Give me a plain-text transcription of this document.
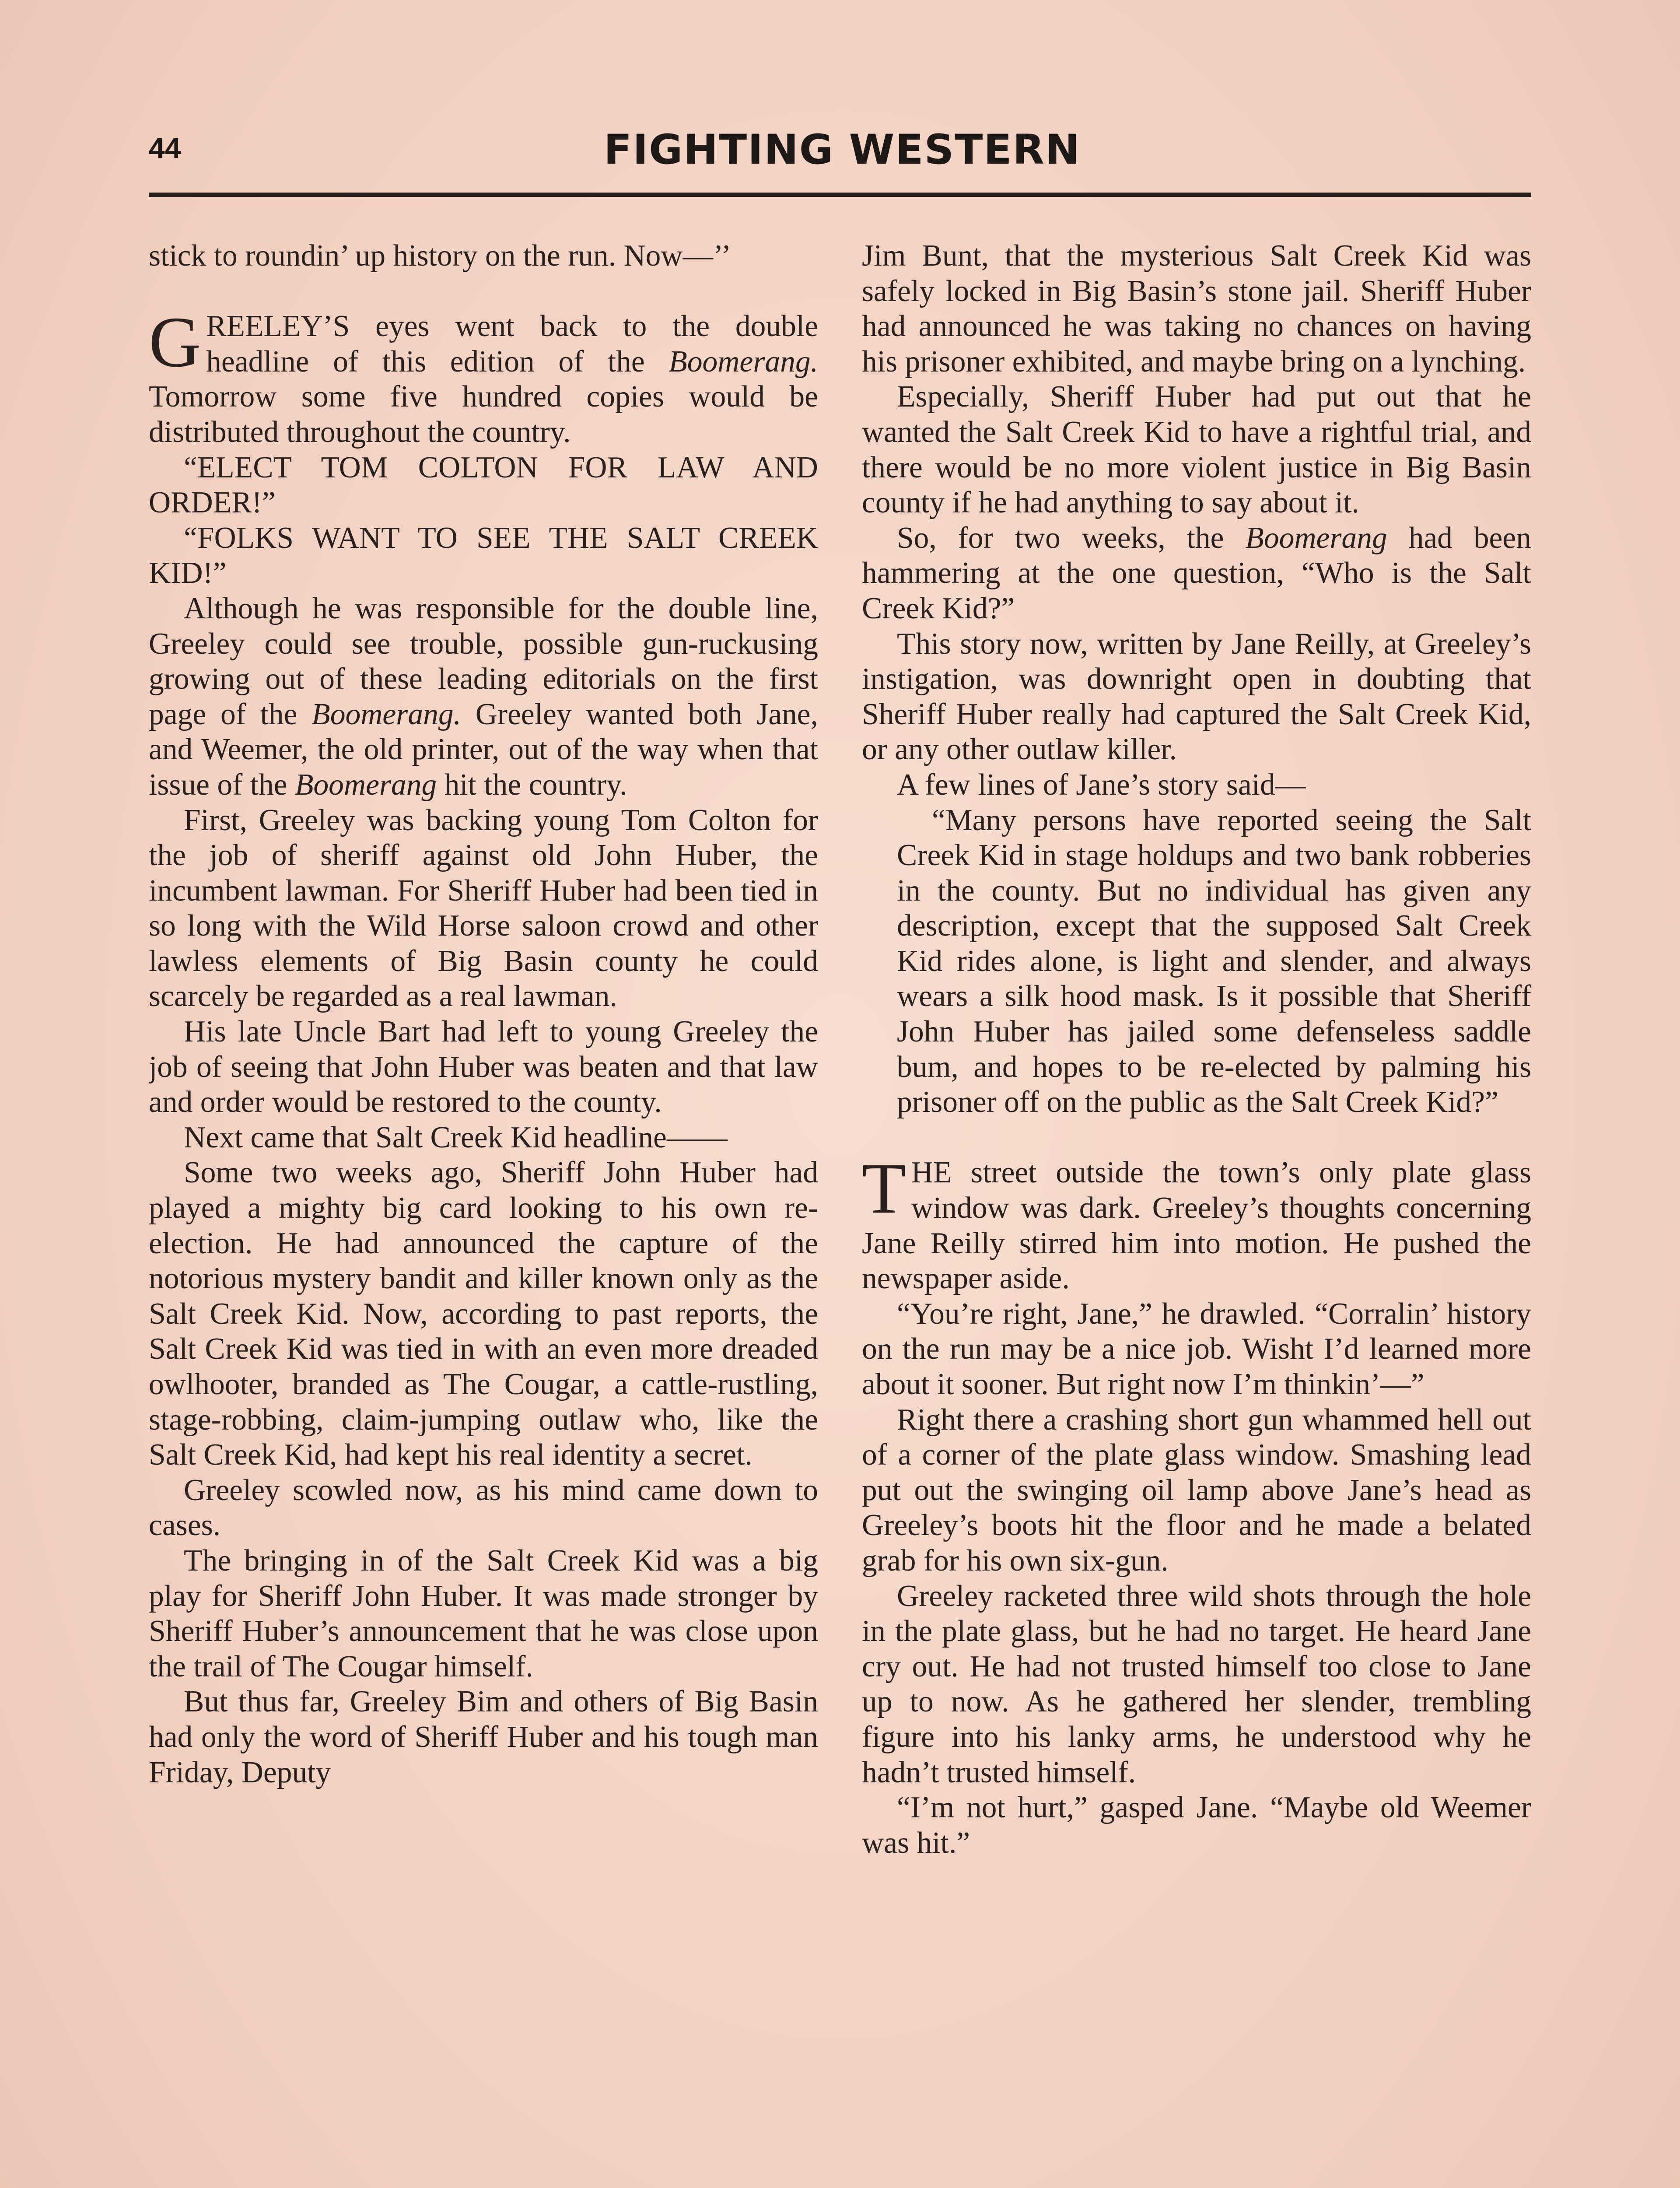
44	FIGHTING WESTERN

stick to roundin’ up history on the run. Now—’’

GREELEY’S eyes went back to the double headline of this edition of the Boomerang. Tomorrow some five hundred copies would be distributed throughout the country.

“ELECT TOM COLTON FOR LAW AND ORDER!”

“FOLKS WANT TO SEE THE SALT CREEK KID!”

Although he was responsible for the double line, Greeley could see trouble, possible gun-ruckusing growing out of these leading editorials on the first page of the Boomerang. Greeley wanted both Jane, and Weemer, the old printer, out of the way when that issue of the Boomerang hit the country.

First, Greeley was backing young Tom Colton for the job of sheriff against old John Huber, the incumbent lawman. For Sheriff Huber had been tied in so long with the Wild Horse saloon crowd and other lawless elements of Big Basin county he could scarcely be regarded as a real lawman.

His late Uncle Bart had left to young Greeley the job of seeing that John Huber was beaten and that law and order would be restored to the county.

Next came that Salt Creek Kid headline——

Some two weeks ago, Sheriff John Huber had played a mighty big card looking to his own re-election. He had announced the capture of the notorious mystery bandit and killer known only as the Salt Creek Kid. Now, according to past reports, the Salt Creek Kid was tied in with an even more dreaded owlhooter, branded as The Cougar, a cattle-rustling, stage-robbing, claim-jumping outlaw who, like the Salt Creek Kid, had kept his real identity a secret.

Greeley scowled now, as his mind came down to cases.

The bringing in of the Salt Creek Kid was a big play for Sheriff John Huber. It was made stronger by Sheriff Huber’s announcement that he was close upon the trail of The Cougar himself.

But thus far, Greeley Bim and others of Big Basin had only the word of Sheriff Huber and his tough man Friday, Deputy

Jim Bunt, that the mysterious Salt Creek Kid was safely locked in Big Basin’s stone jail. Sheriff Huber had announced he was taking no chances on having his prisoner exhibited, and maybe bring on a lynching.

Especially, Sheriff Huber had put out that he wanted the Salt Creek Kid to have a rightful trial, and there would be no more violent justice in Big Basin county if he had anything to say about it.

So, for two weeks, the Boomerang had been hammering at the one question, “Who is the Salt Creek Kid?”

This story now, written by Jane Reilly, at Greeley’s instigation, was downright open in doubting that Sheriff Huber really had captured the Salt Creek Kid, or any other outlaw killer.

A few lines of Jane’s story said—

“Many persons have reported seeing the Salt Creek Kid in stage holdups and two bank robberies in the county. But no individual has given any description, except that the supposed Salt Creek Kid rides alone, is light and slender, and always wears a silk hood mask. Is it possible that Sheriff John Huber has jailed some defenseless saddle bum, and hopes to be re-elected by palming his prisoner off on the public as the Salt Creek Kid?”

THE street outside the town’s only plate glass window was dark. Greeley’s thoughts concerning Jane Reilly stirred him into motion. He pushed the newspaper aside.

“You’re right, Jane,” he drawled. “Corralin’ history on the run may be a nice job. Wisht I’d learned more about it sooner. But right now I’m thinkin’—”

Right there a crashing short gun whammed hell out of a corner of the plate glass window. Smashing lead put out the swinging oil lamp above Jane’s head as Greeley’s boots hit the floor and he made a belated grab for his own six-gun.

Greeley racketed three wild shots through the hole in the plate glass, but he had no target. He heard Jane cry out. He had not trusted himself too close to Jane up to now. As he gathered her slender, trembling figure into his lanky arms, he understood why he hadn’t trusted himself.

“I’m not hurt,” gasped Jane. “Maybe old Weemer was hit.”
